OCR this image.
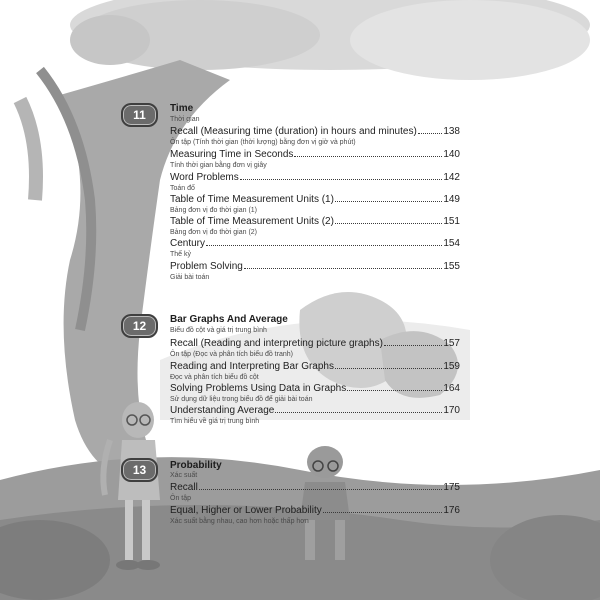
11	Time
Thời gian
Recall (Measuring time (duration) in hours and minutes)	138
Ôn tập (Tính thời gian (thời lượng) bằng đơn vị giờ và phút)
Measuring Time in Seconds	140
Tính thời gian bằng đơn vị giây
Word Problems	142
Toán đố
Table of Time Measurement Units (1)	149
Bảng đơn vị đo thời gian (1)
Table of Time Measurement Units (2)	151
Bảng đơn vị đo thời gian (2)
Century	154
Thế kỷ
Problem Solving	155
Giải bài toán
12	Bar Graphs And Average
Biểu đồ cột và giá trị trung bình
Recall (Reading and interpreting picture graphs)	157
Ôn tập (Đọc và phân tích biểu đồ tranh)
Reading and Interpreting Bar Graphs	159
Đọc và phân tích biểu đồ cột
Solving Problems Using Data in Graphs	164
Sử dụng dữ liệu trong biểu đồ để giải bài toán
Understanding Average	170
Tìm hiểu về giá trị trung bình
13	Probability
Xác suất
Recall	175
Ôn tập
Equal, Higher or Lower Probability	176
Xác suất bằng nhau, cao hơn hoặc thấp hơn
